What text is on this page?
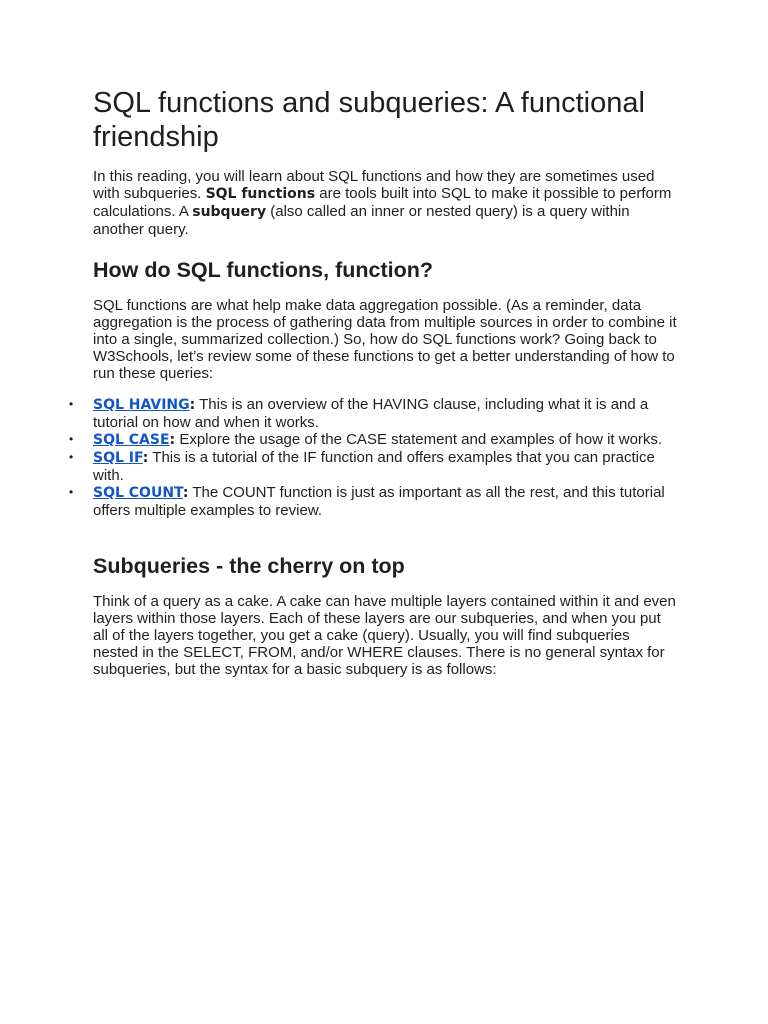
SQL functions and subqueries: A functional friendship

In this reading, you will learn about SQL functions and how they are sometimes used with subqueries. SQL functions are tools built into SQL to make it possible to perform calculations. A subquery (also called an inner or nested query) is a query within another query.

How do SQL functions, function?

SQL functions are what help make data aggregation possible. (As a reminder, data aggregation is the process of gathering data from multiple sources in order to combine it into a single, summarized collection.) So, how do SQL functions work? Going back to W3Schools, let’s review some of these functions to get a better understanding of how to run these queries:

• SQL HAVING: This is an overview of the HAVING clause, including what it is and a tutorial on how and when it works.
• SQL CASE: Explore the usage of the CASE statement and examples of how it works.
• SQL IF: This is a tutorial of the IF function and offers examples that you can practice with.
• SQL COUNT: The COUNT function is just as important as all the rest, and this tutorial offers multiple examples to review.
Subqueries - the cherry on top

Think of a query as a cake. A cake can have multiple layers contained within it and even layers within those layers. Each of these layers are our subqueries, and when you put all of the layers together, you get a cake (query). Usually, you will find subqueries nested in the SELECT, FROM, and/or WHERE clauses. There is no general syntax for subqueries, but the syntax for a basic subquery is as follows:
